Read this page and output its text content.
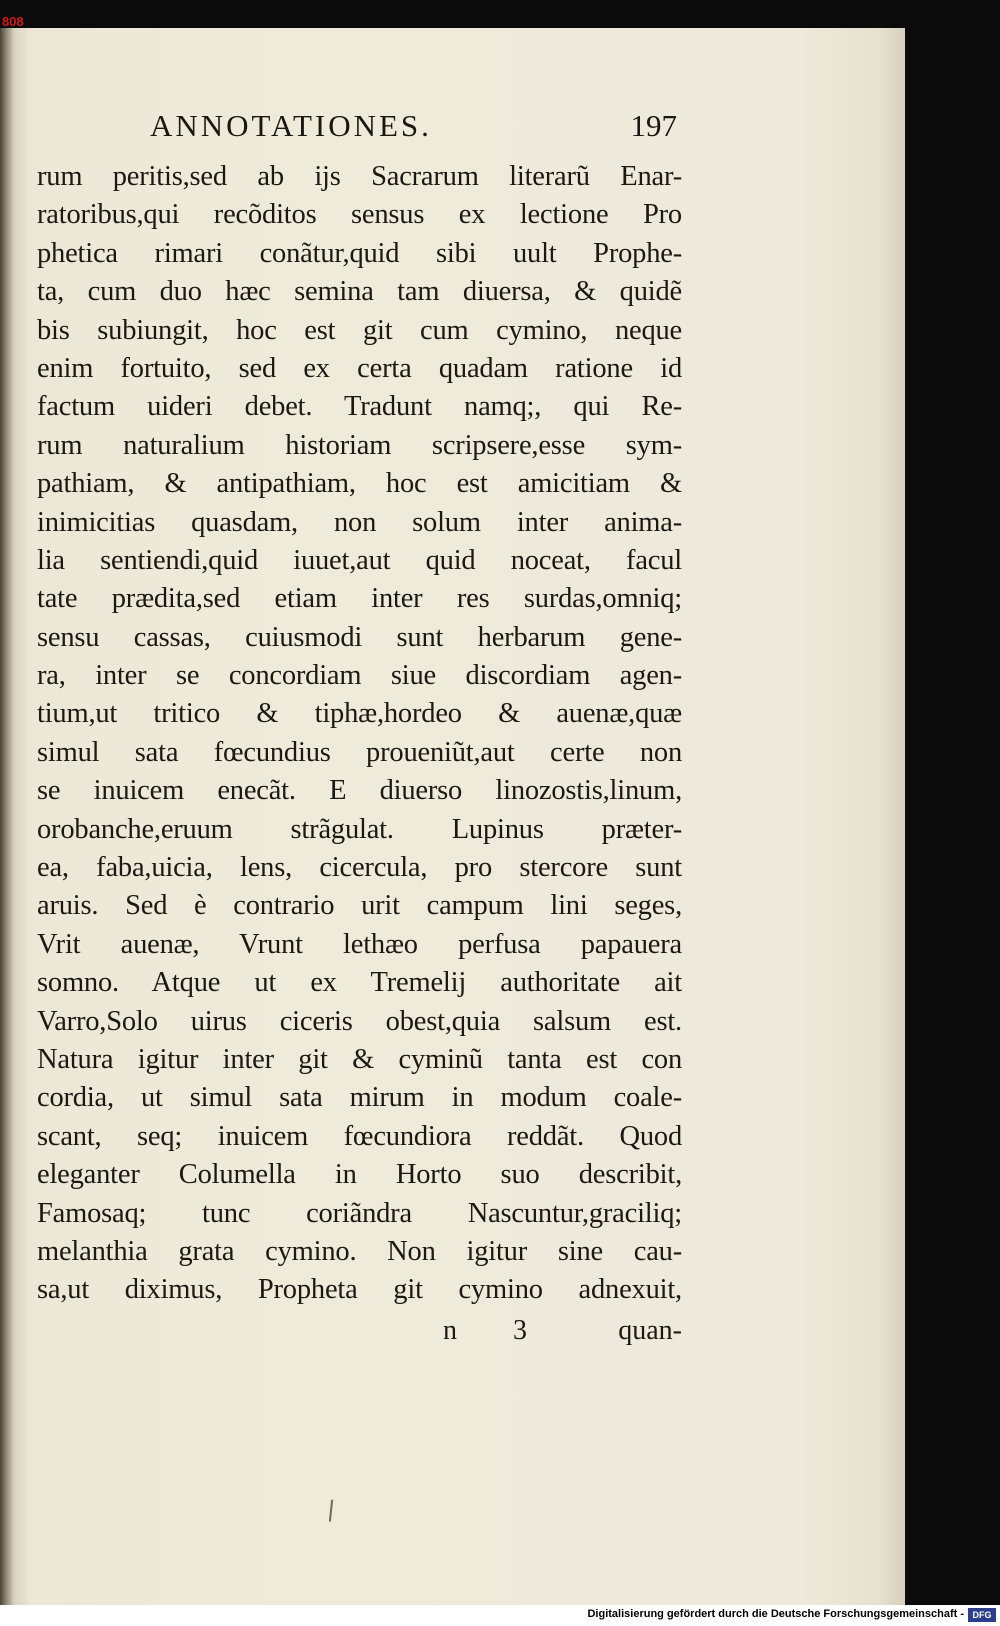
808
ANNOTATIONES.	197
rum peritis,sed ab ijs Sacrarum literarũ Enar-
ratoribus,qui recõditos sensus ex lectione Pro
phetica rimari conãtur,quid sibi uult Prophe-
ta, cum duo hæc semina tam diuersa, & quidẽ
bis subiungit, hoc est git cum cymino, neque
enim fortuito, sed ex certa quadam ratione id
factum uideri debet. Tradunt namq;, qui Re-
rum naturalium historiam scripsere,esse sym-
pathiam, & antipathiam, hoc est amicitiam &
inimicitias quasdam, non solum inter anima-
lia sentiendi,quid iuuet,aut quid noceat, facul
tate prædita,sed etiam inter res surdas,omniq;
sensu cassas, cuiusmodi sunt herbarum gene-
ra, inter se concordiam siue discordiam agen-
tium,ut tritico & tiphæ,hordeo & auenæ,quæ
simul sata fœcundius proueniũt,aut certe non
se inuicem enecãt. E diuerso linozostis,linum,
orobanche,eruum strãgulat. Lupinus præter-
ea, faba,uicia, lens, cicercula, pro stercore sunt
aruis. Sed è contrario urit campum lini seges,
Vrit auenæ, Vrunt lethæo perfusa papauera
somno. Atque ut ex Tremelij authoritate ait
Varro,Solo uirus ciceris obest,quia salsum est.
Natura igitur inter git & cyminũ tanta est con
cordia, ut simul sata mirum in modum coale-
scant, seq; inuicem fœcundiora reddãt. Quod
eleganter Columella in Horto suo describit,
Famosaq; tunc coriãndra Nascuntur,graciliq;
melanthia grata cymino. Non igitur sine cau-
sa,ut diximus, Propheta git cymino adnexuit,
n 3	quan-
Digitalisierung gefördert durch die Deutsche Forschungsgemeinschaft - DFG
